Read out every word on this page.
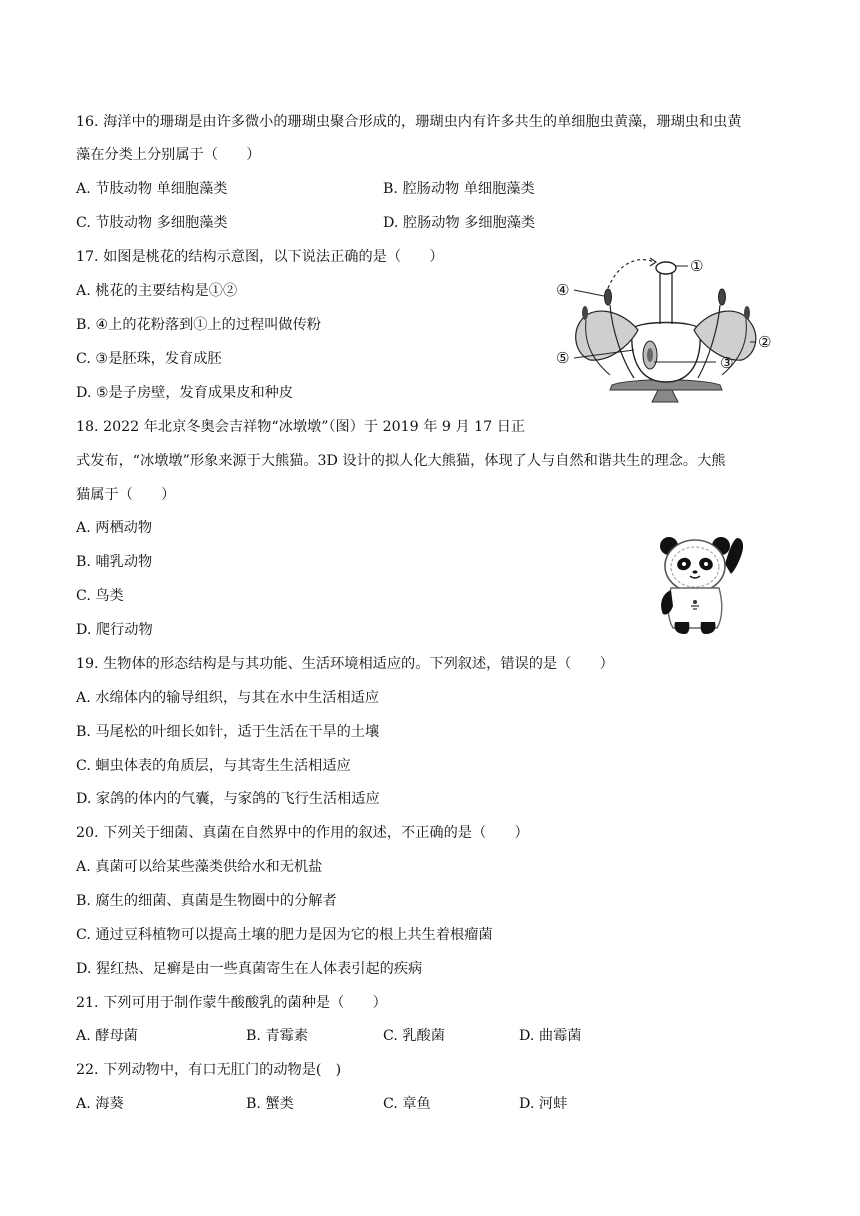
16. 海洋中的珊瑚是由许多微小的珊瑚虫聚合形成的，珊瑚虫内有许多共生的单细胞虫黄藻，珊瑚虫和虫黄
藻在分类上分别属于（　　）
A. 节肢动物 单细胞藻类	B. 腔肠动物 单细胞藻类
C. 节肢动物 多细胞藻类	D. 腔肠动物 多细胞藻类
17. 如图是桃花的结构示意图，以下说法正确的是（　　）
A. 桃花的主要结构是①②
B. ④上的花粉落到①上的过程叫做传粉
C. ③是胚珠，发育成胚
D. ⑤是子房壁，发育成果皮和种皮
①
②
③
④
⑤
18. 2022 年北京冬奥会吉祥物“冰墩墩”（图）于 2019 年 9 月 17 日正
式发布，“冰墩墩”形象来源于大熊猫。3D 设计的拟人化大熊猫，体现了人与自然和谐共生的理念。大熊
猫属于（　　）
A. 两栖动物
B. 哺乳动物
C. 鸟类
D. 爬行动物
19. 生物体的形态结构是与其功能、生活环境相适应的。下列叙述，错误的是（　　）
A. 水绵体内的输导组织，与其在水中生活相适应
B. 马尾松的叶细长如针，适于生活在干旱的土壤
C. 蛔虫体表的角质层，与其寄生生活相适应
D. 家鸽的体内的气囊，与家鸽的飞行生活相适应
20. 下列关于细菌、真菌在自然界中的作用的叙述，不正确的是（　　）
A. 真菌可以给某些藻类供给水和无机盐
B. 腐生的细菌、真菌是生物圈中的分解者
C. 通过豆科植物可以提高土壤的肥力是因为它的根上共生着根瘤菌
D. 猩红热、足癣是由一些真菌寄生在人体表引起的疾病
21. 下列可用于制作蒙牛酸酸乳的菌种是（　　）
A. 酵母菌	B. 青霉素	C. 乳酸菌	D. 曲霉菌
22. 下列动物中，有口无肛门的动物是(　)
A. 海葵	B. 蟹类	C. 章鱼	D. 河蚌
